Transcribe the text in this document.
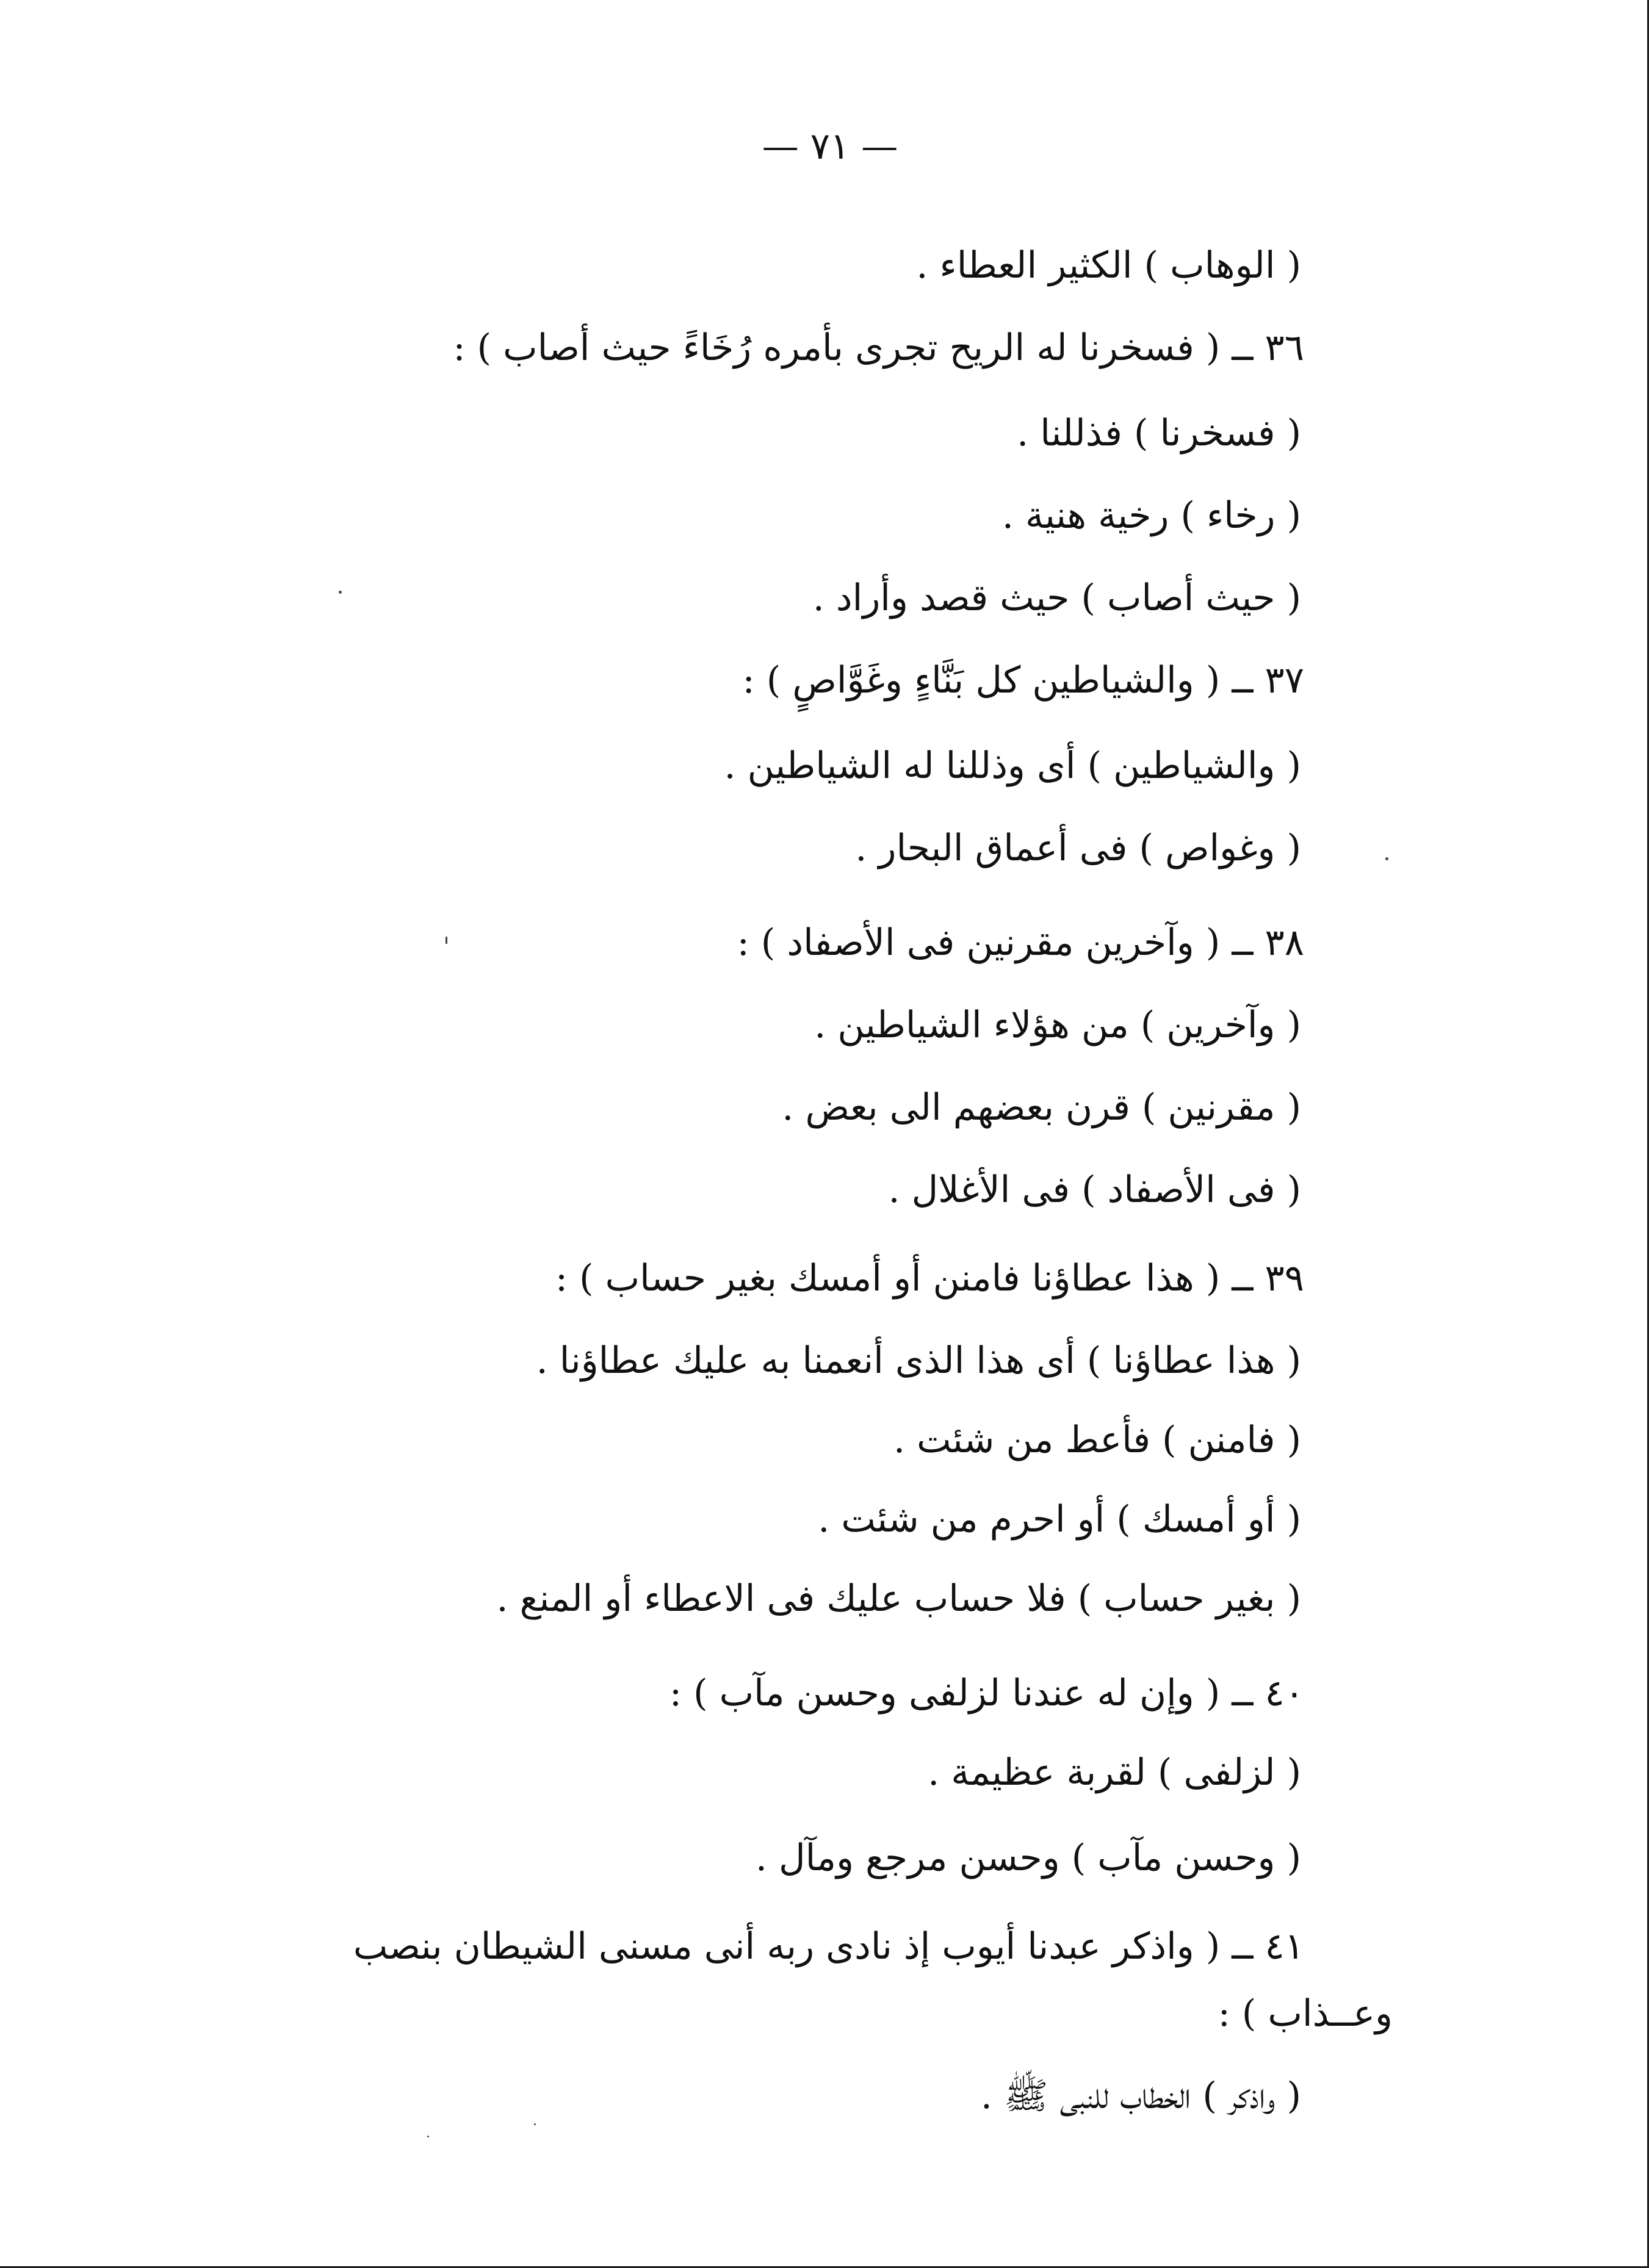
— ٧١ —
( الوهاب ) الكثير العطاء .
٣٦ ــ ( فسخرنا له الريح تجرى بأمره رُخَاءً حيث أصاب ) :
( فسخرنا ) فذللنا .
( رخاء ) رخية هنية .
( حيث أصاب ) حيث قصد وأراد .
٣٧ ــ ( والشياطين كل بَنَّاءٍ وغَوَّاصٍ ) :
( والشياطين ) أى وذللنا له الشياطين .
( وغواص ) فى أعماق البحار .
٣٨ ــ ( وآخرين مقرنين فى الأصفاد ) :
( وآخرين ) من هؤلاء الشياطين .
( مقرنين ) قرن بعضهم الى بعض .
( فى الأصفاد ) فى الأغلال .
٣٩ ــ ( هذا عطاؤنا فامنن أو أمسك بغير حساب ) :
( هذا عطاؤنا ) أى هذا الذى أنعمنا به عليك عطاؤنا .
( فامنن ) فأعط من شئت .
( أو أمسك ) أو احرم من شئت .
( بغير حساب ) فلا حساب عليك فى الاعطاء أو المنع .
٤٠ ــ ( وإن له عندنا لزلفى وحسن مآب ) :
( لزلفى ) لقربة عظيمة .
( وحسن مآب ) وحسن مرجع ومآل .
٤١ ــ ( واذكر عبدنا أيوب إذ نادى ربه أنى مسنى الشيطان بنصب
وعــذاب ) :
( واذكر ) الخطاب للنبى ﷺ .
